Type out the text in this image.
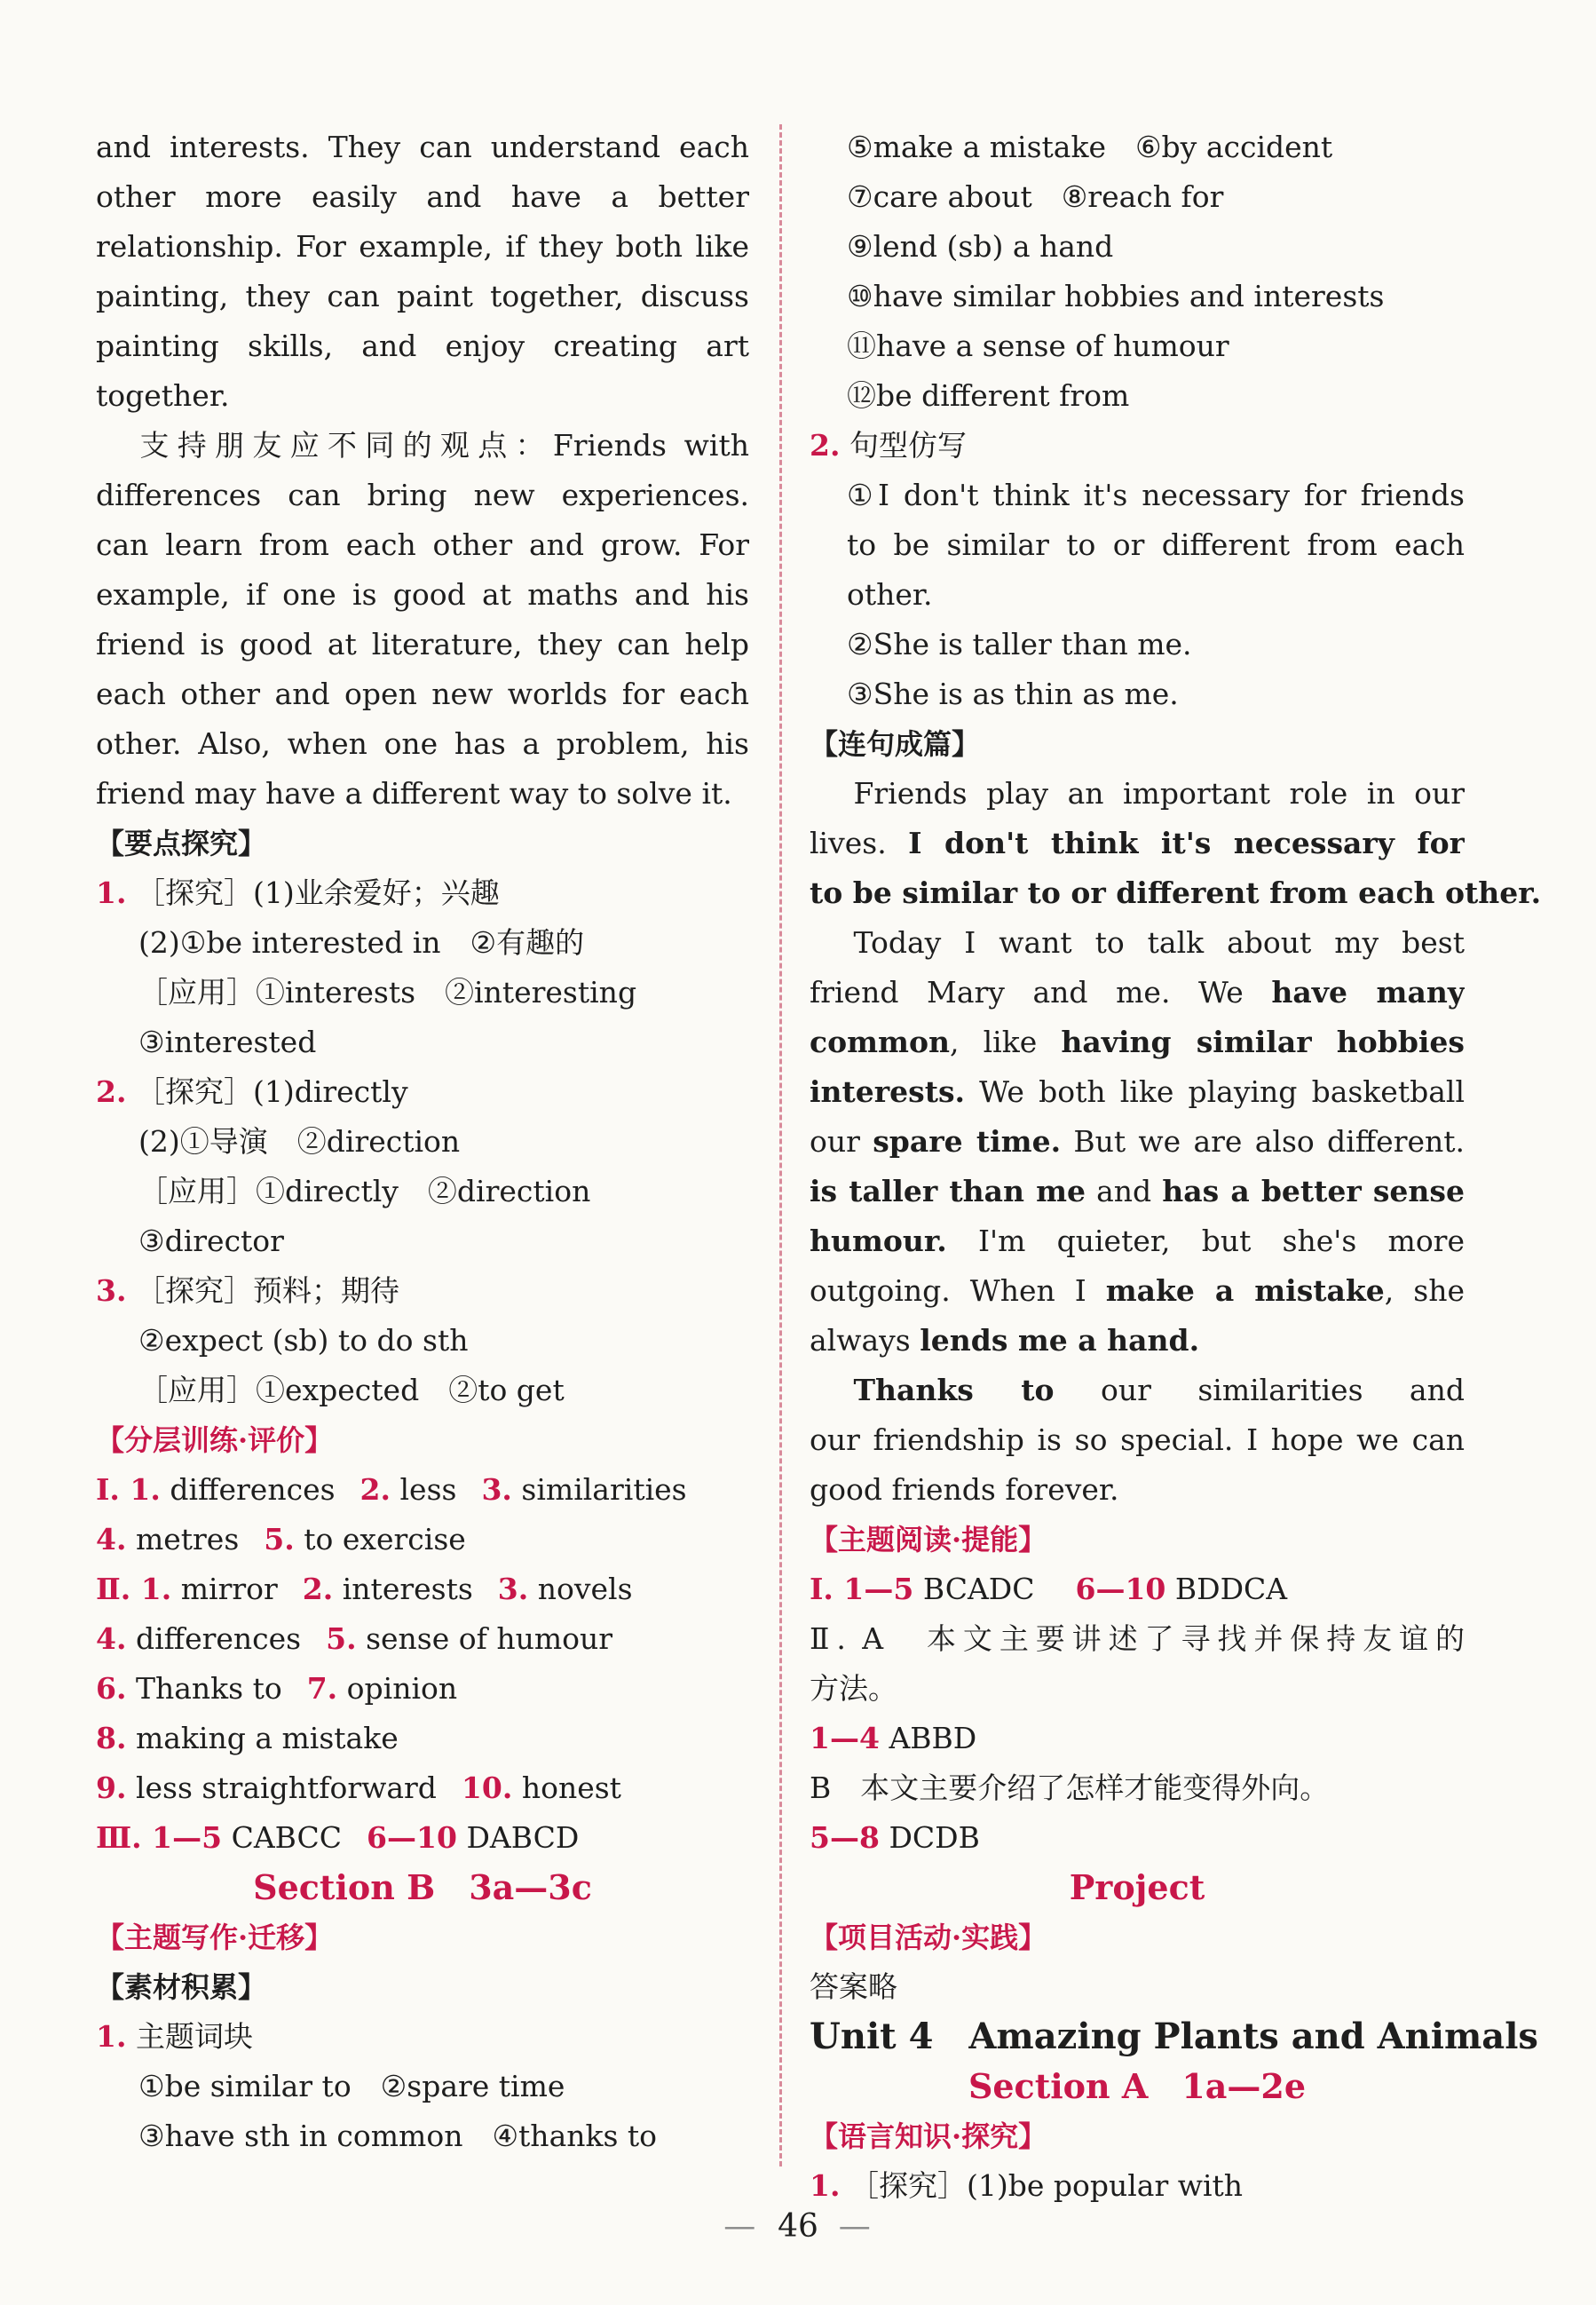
and interests. They can understand each
other more easily and have a better
relationship. For example, if they both like
painting, they can paint together, discuss
painting skills, and enjoy creating art
together.
支持朋友应不同的观点：Friends with
differences can bring new experiences.
can learn from each other and grow. For
example, if one is good at maths and his
friend is good at literature, they can help
each other and open new worlds for each
other. Also, when one has a problem, his
friend may have a different way to solve it.
【要点探究】
1. ［探究］(1)业余爱好；兴趣
(2)①be interested in　②有趣的
［应用］①interests　②interesting
③interested
2. ［探究］(1)directly
(2)①导演　②direction
［应用］①directly　②direction
③director
3. ［探究］预料；期待
②expect (sb) to do sth
［应用］①expected　②to get
【分层训练·评价】
Ⅰ. 1. differences 2. less 3. similarities
4. metres 5. to exercise
Ⅱ. 1. mirror 2. interests 3. novels
4. differences 5. sense of humour
6. Thanks to 7. opinion
8. making a mistake
9. less straightforward 10. honest
Ⅲ. 1—5 CABCC 6—10 DABCD
Section B　3a—3c
【主题写作·迁移】
【素材积累】
1. 主题词块
①be similar to　②spare time
③have sth in common　④thanks to
⑤make a mistake　⑥by accident
⑦care about　⑧reach for
⑨lend (sb) a hand
⑩have similar hobbies and interests
⑪have a sense of humour
⑫be different from
2. 句型仿写
①I don't think it's necessary for friends
to be similar to or different from each
other.
②She is taller than me.
③She is as thin as me.
【连句成篇】
Friends play an important role in our
lives. I don't think it's necessary for
to be similar to or different from each other.
Today I want to talk about my best
friend Mary and me. We have many
common, like having similar hobbies
interests. We both like playing basketball
our spare time. But we are also different.
is taller than me and has a better sense
humour. I'm quieter, but she's more
outgoing. When I make a mistake, she
always lends me a hand.
Thanks to our similarities and
our friendship is so special. I hope we can
good friends forever.
【主题阅读·提能】
Ⅰ. 1—5 BCADC 6—10 BDDCA
Ⅱ. A　本文主要讲述了寻找并保持友谊的
方法。
1—4 ABBD
B　本文主要介绍了怎样才能变得外向。
5—8 DCDB
Project
【项目活动·实践】
答案略
Unit 4　Amazing Plants and Animals
Section A　1a—2e
【语言知识·探究】
1. ［探究］(1)be popular with
— 46 —
